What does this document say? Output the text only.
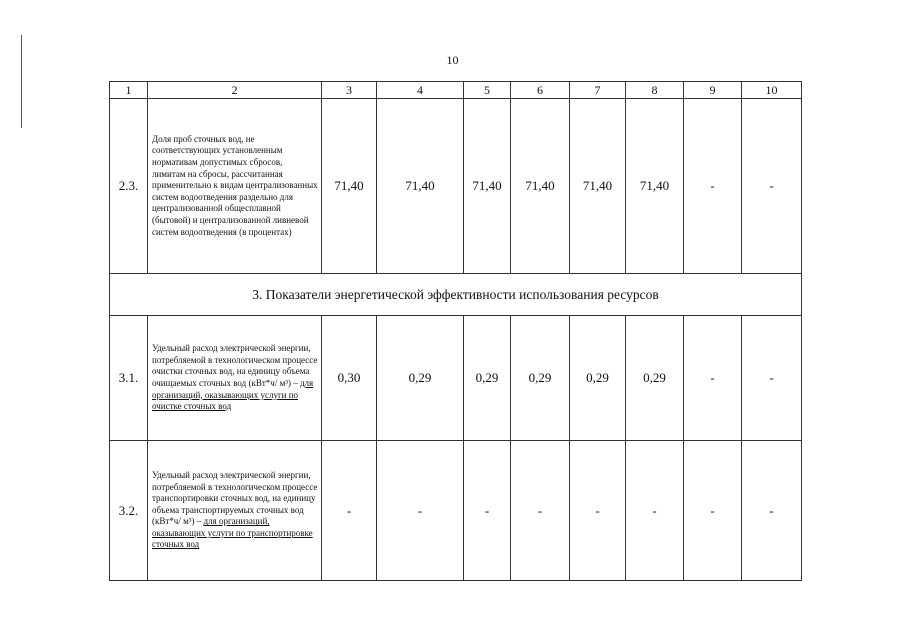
10
1	2	3	4	5	6	7	8	9	10
2.3.	Доля проб сточных вод, не соответствующих установленным нормативам допустимых сбросов, лимитам на сбросы, рассчитанная применительно к видам централизованных систем водоотведения раздельно для централизованной общесплавной (бытовой) и централизованной ливневой систем водоотведения (в процентах)	71,40	71,40	71,40	71,40	71,40	71,40	-	-
3. Показатели энергетической эффективности использования ресурсов									
3.1.	Удельный расход электрической энергии, потребляемой в технологическом процессе очистки сточных вод, на единицу объема очищаемых сточных вод (кВт*ч/ м³) – для организаций, оказывающих услуги по очистке сточных вод	0,30	0,29	0,29	0,29	0,29	0,29	-	-
3.2.	Удельный расход электрической энергии, потребляемой в технологическом процессе транспортировки сточных вод, на единицу объема транспортируемых сточных вод (кВт*ч/ м³) – для организаций, оказывающих услуги по транспортировке сточных вод	-	-	-	-	-	-	-	-
